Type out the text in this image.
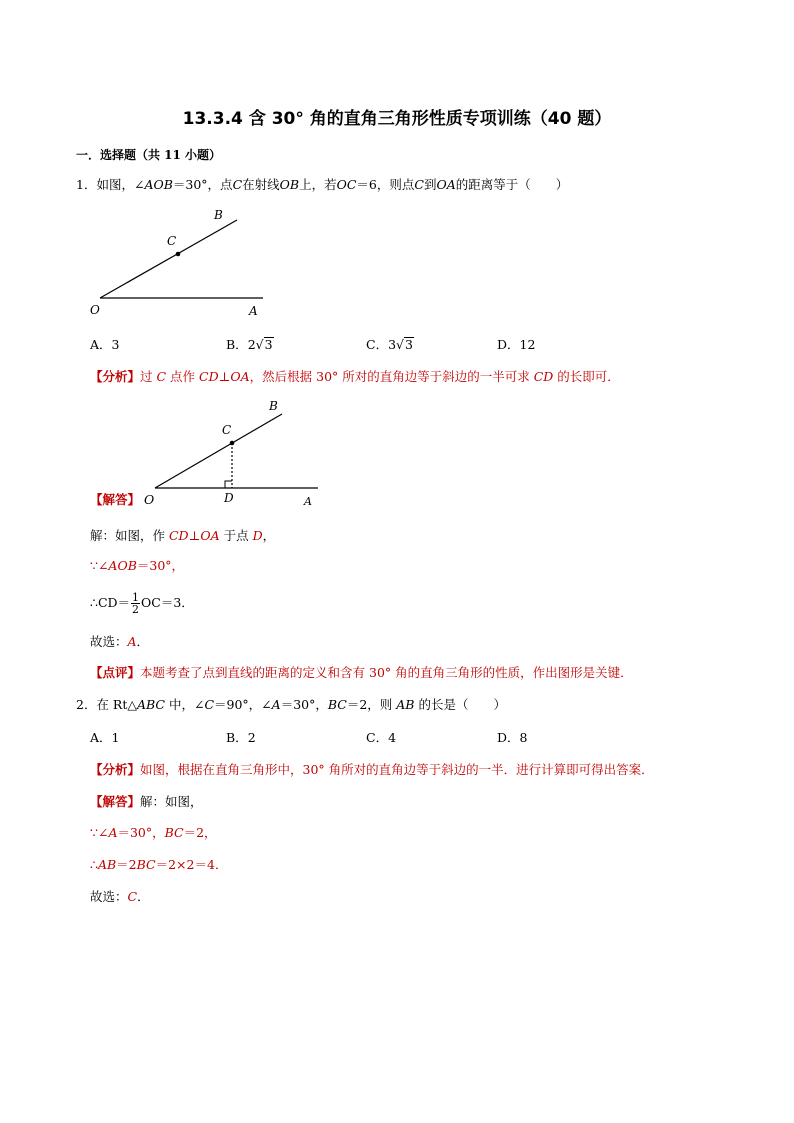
13.3.4 含 30° 角的直角三角形性质专项训练（40 题）
一．选择题（共 11 小题）
1．如图，∠AOB＝30°，点C在射线OB上，若OC＝6，则点C到OA的距离等于（　　）
B
C
O	A
A．3	B．2√3	C．3√3	D．12
【分析】过 C 点作 CD⊥OA，然后根据 30° 所对的直角边等于斜边的一半可求 CD 的长即可．
B
C
D	A
【解答】 O
解：如图，作 CD⊥OA 于点 D，
∵∠AOB＝30°，
∴CD＝ $\frac{1}{2} OC=3$．
故选：A．
【点评】本题考查了点到直线的距离的定义和含有 30° 角的直角三角形的性质，作出图形是关键．
2．在 Rt△ABC 中，∠C＝90°，∠A＝30°，BC＝2，则 AB 的长是（　　）
A．1	B．2	C．4	D．8
【分析】如图，根据在直角三角形中，30° 角所对的直角边等于斜边的一半．进行计算即可得出答案．
【解答】解：如图，
∵∠A＝30°，BC＝2，
∴AB＝2BC＝2×2＝4．
故选：C．
